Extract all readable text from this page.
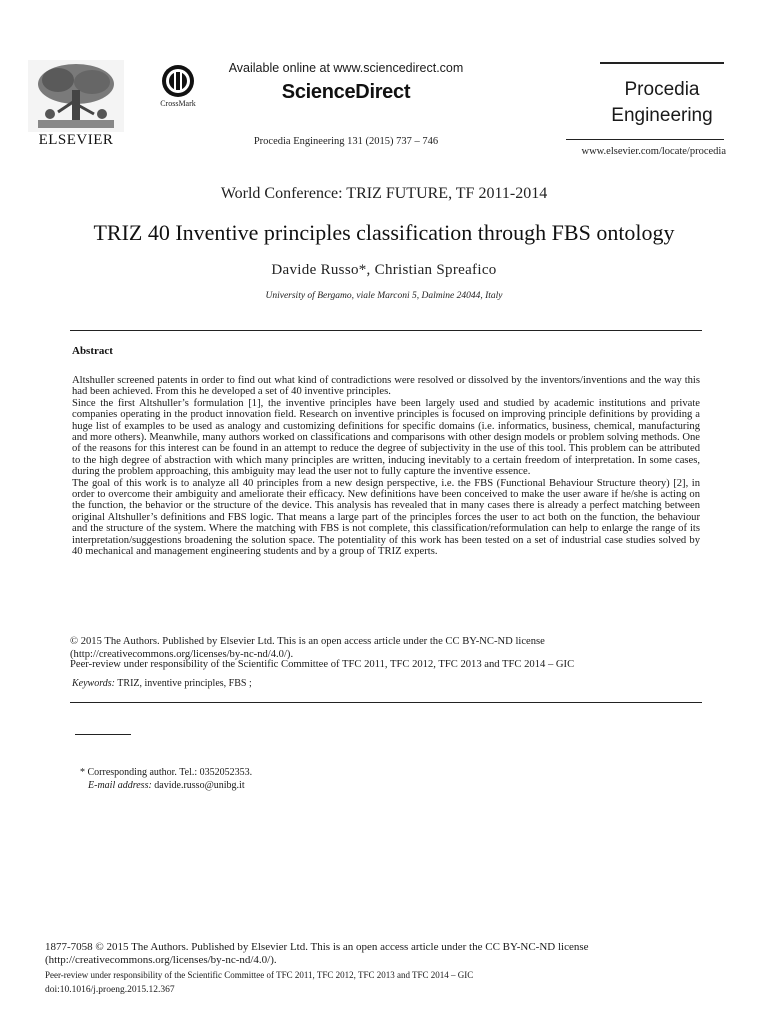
ELSEVIER
CrossMark
Available online at www.sciencedirect.com
ScienceDirect
Procedia Engineering 131 (2015) 737 – 746
Procedia
Engineering
www.elsevier.com/locate/procedia
World Conference: TRIZ FUTURE, TF 2011-2014
TRIZ 40 Inventive principles classification through FBS ontology
Davide Russo*, Christian Spreafico
University of Bergamo, viale Marconi 5, Dalmine 24044, Italy
Abstract

Altshuller screened patents in order to find out what kind of contradictions were resolved or dissolved by the inventors/inventions and the way this had been achieved. From this he developed a set of 40 inventive principles.

Since the first Altshuller’s formulation [1], the inventive principles have been largely used and studied by academic institutions and private companies operating in the product innovation field. Research on inventive principles is focused on improving principle definitions by providing a huge list of examples to be used as analogy and customizing definitions for specific domains (i.e. informatics, business, chemical, manufacturing and more others). Meanwhile, many authors worked on classifications and comparisons with other design models or problem solving methods. One of the reasons for this interest can be found in an attempt to reduce the degree of subjectivity in the use of this tool. This problem can be attributed to the high degree of abstraction with which many principles are written, inducing inevitably to a certain freedom of interpretation. In some cases, during the problem approaching, this ambiguity may lead the user not to fully capture the inventive essence.

The goal of this work is to analyze all 40 principles from a new design perspective, i.e. the FBS (Functional Behaviour Structure theory) [2], in order to overcome their ambiguity and ameliorate their efficacy. New definitions have been conceived to make the user aware if he/she is acting on the function, the behavior or the structure of the device. This analysis has revealed that in many cases there is already a perfect matching between original Altshuller’s definitions and FBS logic. That means a large part of the principles forces the user to act both on the function, the behaviour and the structure of the system. Where the matching with FBS is not complete, this classification/reformulation can help to enlarge the range of its interpretation/suggestions broadening the solution space. The potentiality of this work has been tested on a set of industrial case studies solved by 40 mechanical and management engineering students and by a group of TRIZ experts.

© 2015 The Authors. Published by Elsevier Ltd. This is an open access article under the CC BY-NC-ND license
(http://creativecommons.org/licenses/by-nc-nd/4.0/).
Peer-review under responsibility of the Scientific Committee of TFC 2011, TFC 2012, TFC 2013 and TFC 2014 – GIC
Keywords: TRIZ, inventive principles, FBS ;
* Corresponding author. Tel.: 0352052353.
E-mail address: davide.russo@unibg.it
1877-7058 © 2015 The Authors. Published by Elsevier Ltd. This is an open access article under the CC BY-NC-ND license
(http://creativecommons.org/licenses/by-nc-nd/4.0/).
Peer-review under responsibility of the Scientific Committee of TFC 2011, TFC 2012, TFC 2013 and TFC 2014 – GIC
doi:10.1016/j.proeng.2015.12.367
